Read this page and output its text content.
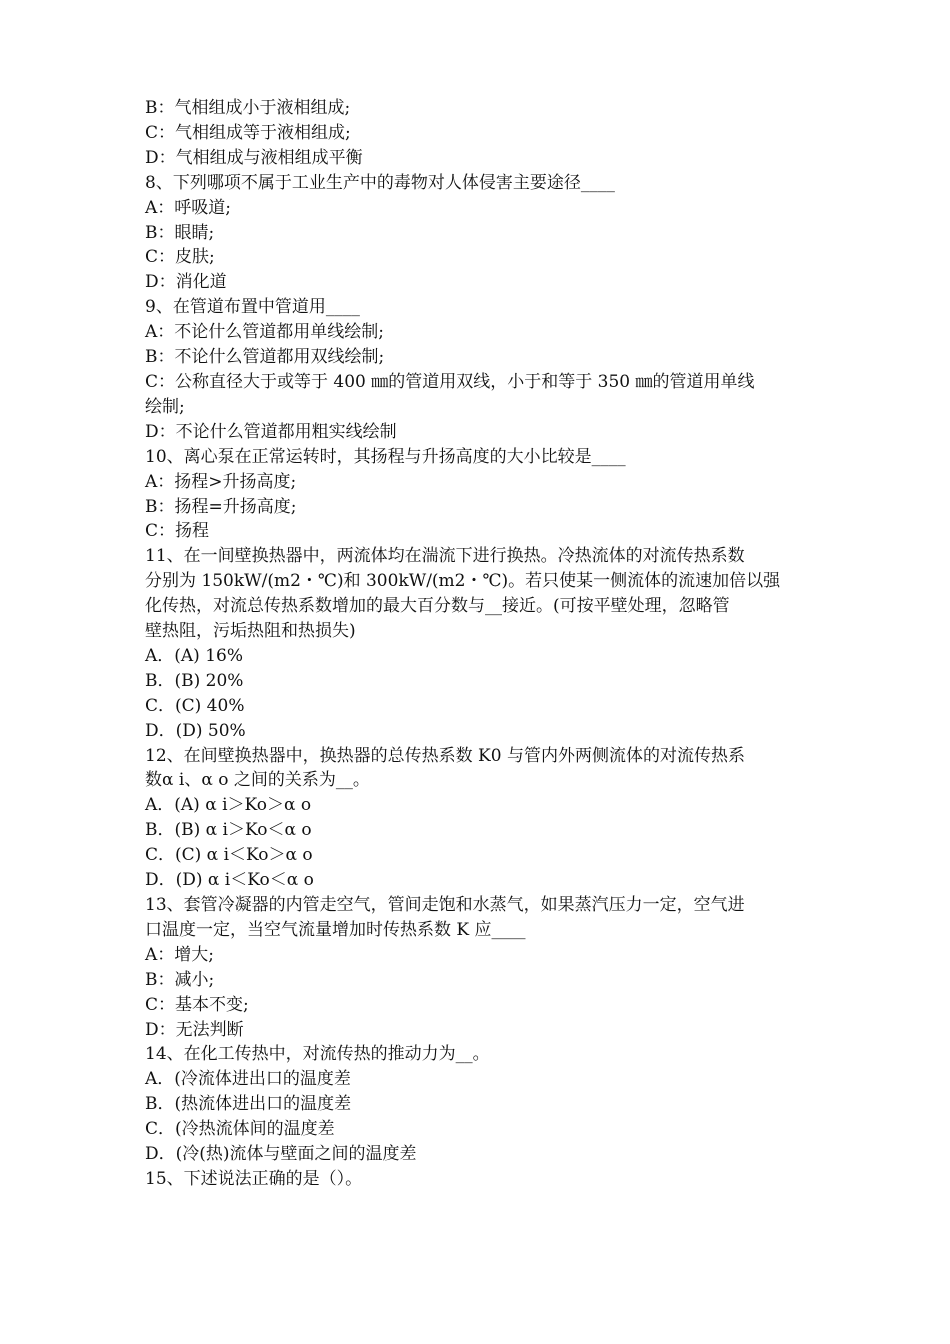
B：气相组成小于液相组成;
C：气相组成等于液相组成;
D：气相组成与液相组成平衡
8、下列哪项不属于工业生产中的毒物对人体侵害主要途径____
A：呼吸道;
B：眼睛;
C：皮肤;
D：消化道
9、在管道布置中管道用____
A：不论什么管道都用单线绘制;
B：不论什么管道都用双线绘制;
C：公称直径大于或等于 400 ㎜的管道用双线，小于和等于 350 ㎜的管道用单线
绘制;
D：不论什么管道都用粗实线绘制
10、离心泵在正常运转时，其扬程与升扬高度的大小比较是____
A：扬程>升扬高度;
B：扬程=升扬高度;
C：扬程
11、在一间壁换热器中，两流体均在湍流下进行换热。冷热流体的对流传热系数
分别为 150kW/(m2・℃)和 300kW/(m2・℃)。若只使某一侧流体的流速加倍以强
化传热，对流总传热系数增加的最大百分数与__接近。(可按平壁处理，忽略管
壁热阻，污垢热阻和热损失)
A．(A) 16%
B．(B) 20%
C．(C) 40%
D．(D) 50%
12、在间壁换热器中，换热器的总传热系数 K0 与管内外两侧流体的对流传热系
数α i、α o 之间的关系为__。
A．(A) α i＞Ko＞α o
B．(B) α i＞Ko＜α o
C．(C) α i＜Ko＞α o
D．(D) α i＜Ko＜α o
13、套管冷凝器的内管走空气，管间走饱和水蒸气，如果蒸汽压力一定，空气进
口温度一定，当空气流量增加时传热系数 K 应____
A：增大;
B：减小;
C：基本不变;
D：无法判断
14、在化工传热中，对流传热的推动力为__。
A．(冷流体进出口的温度差
B．(热流体进出口的温度差
C．(冷热流体间的温度差
D．(冷(热)流体与壁面之间的温度差
15、下述说法正确的是（）。
